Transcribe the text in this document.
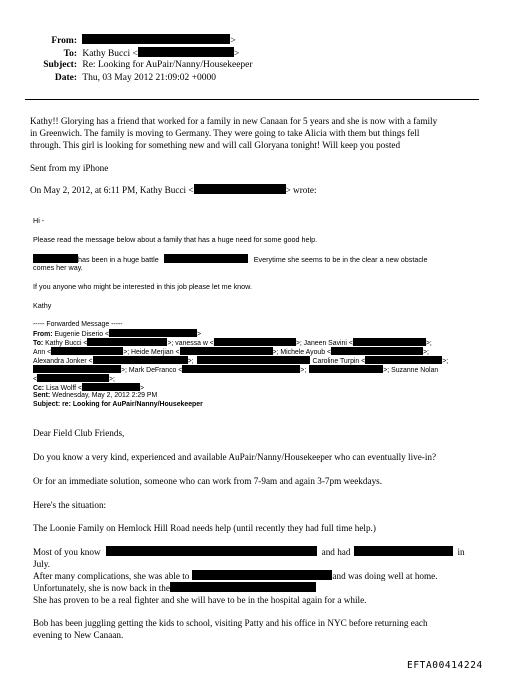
From:	>
To: Kathy Bucci <	>
Subject: Re: Looking for AuPair/Nanny/Housekeeper
Date: Thu, 03 May 2012 21:09:02 +0000
Kathy!! Glorying has a friend that worked for a family in new Canaan for 5 years and she is now with a family
in Greenwich. The family is moving to Germany. They were going to take Alicia with them but things fell
through. This girl is looking for something new and will call Gloryana tonight! Will keep you posted
Sent from my iPhone
On May 2, 2012, at 6:11 PM, Kathy Bucci <	> wrote:
Hi -
Please read the message below about a family that has a huge need for some good help.
has been in a huge battle	Everytime she seems to be in the clear a new obstacle
comes her way.
If you anyone who might be interested in this job please let me know.
Kathy
----- Forwarded Message -----
From: Eugenie Diserio <	>
To: Kathy Bucci <	>; vanessa w <	>; Janeen Savini <	>;
Ann <	>; Heide Merjian <	>; Michele Ayoub <	>;
Alexandra Jonker <	>;	Caroline Turpin <	>;
>; Mark DeFranco <	>;	>; Suzanne Nolan
<	>;
Cc: Lisa Wolff <	>
Sent: Wednesday, May 2, 2012 2:29 PM
Subject: re: Looking for AuPair/Nanny/Housekeeper
Dear Field Club Friends,
Do you know a very kind, experienced and available AuPair/Nanny/Housekeeper who can eventually live-in?
Or for an immediate solution, someone who can work from 7-9am and again 3-7pm weekdays.
Here's the situation:
The Loonie Family on Hemlock Hill Road needs help (until recently they had full time help.)
Most of you know	and had	in
July.
After many complications, she was able to	and was doing well at home.
Unfortunately, she is now back in the
She has proven to be a real fighter and she will have to be in the hospital again for a while.
Bob has been juggling getting the kids to school, visiting Patty and his office in NYC before returning each
evening to New Canaan.
EFTA00414224
